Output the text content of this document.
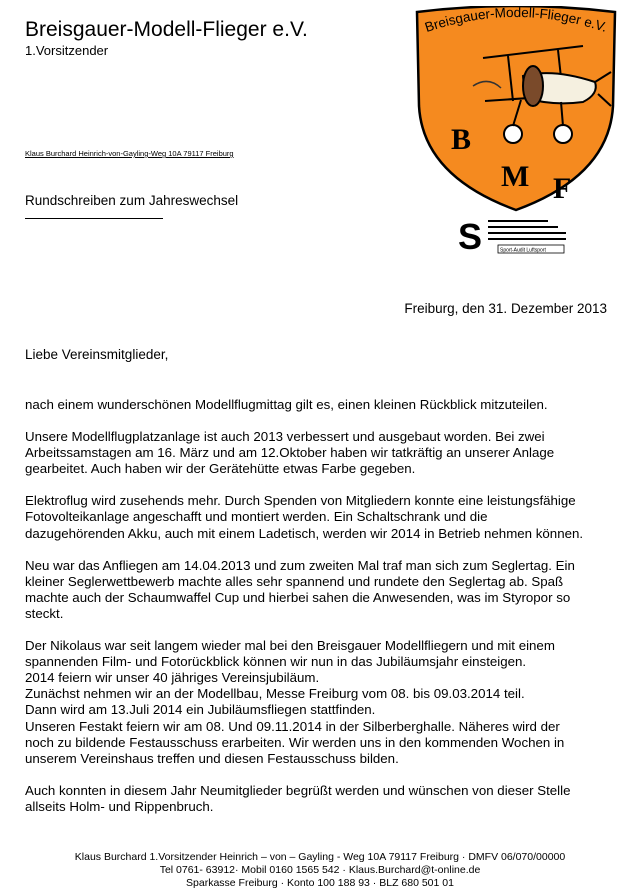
Breisgauer-Modell-Flieger e.V.
1.Vorsitzender
Klaus Burchard Heinrich-von-Gayling-Weg 10A 79117 Freiburg
Rundschreiben zum Jahreswechsel
Breisgauer-Modell-Flieger e.V.
B
M F
S	Sport-Audit Luftsport
Freiburg, den 31. Dezember 2013
Liebe Vereinsmitglieder,

nach einem wunderschönen Modellflugmittag gilt es, einen kleinen Rückblick mitzuteilen.

Unsere Modellflugplatzanlage ist auch 2013 verbessert und ausgebaut worden. Bei zwei
Arbeitssamstagen am 16. März und am 12.Oktober haben wir tatkräftig an unserer Anlage
gearbeitet. Auch haben wir der Gerätehütte etwas Farbe gegeben.

Elektroflug wird zusehends mehr. Durch Spenden von Mitgliedern konnte eine leistungsfähige
Fotovolteikanlage angeschafft und montiert werden. Ein Schaltschrank und die
dazugehörenden Akku, auch mit einem Ladetisch, werden wir 2014 in Betrieb nehmen können.

Neu war das Anfliegen am 14.04.2013 und zum zweiten Mal traf man sich zum Seglertag. Ein
kleiner Seglerwettbewerb machte alles sehr spannend und rundete den Seglertag ab. Spaß
machte auch der Schaumwaffel Cup und hierbei sahen die Anwesenden, was im Styropor so
steckt.

Der Nikolaus war seit langem wieder mal bei den Breisgauer Modellfliegern und mit einem
spannenden Film- und Fotorückblick können wir nun in das Jubiläumsjahr einsteigen.
2014 feiern wir unser 40 jähriges Vereinsjubiläum.
Zunächst nehmen wir an der Modellbau, Messe Freiburg vom 08. bis 09.03.2014 teil.
Dann wird am 13.Juli 2014 ein Jubiläumsfliegen stattfinden.
Unseren Festakt feiern wir am 08. Und 09.11.2014 in der Silberberghalle. Näheres wird der
noch zu bildende Festausschuss erarbeiten. Wir werden uns in den kommenden Wochen in
unserem Vereinshaus treffen und diesen Festausschuss bilden.

Auch konnten in diesem Jahr Neumitglieder begrüßt werden und wünschen von dieser Stelle
allseits Holm- und Rippenbruch.

Klaus Burchard 1.Vorsitzender Heinrich – von – Gayling - Weg 10A 79117 Freiburg · DMFV 06/070/00000
Tel 0761- 63912· Mobil 0160 1565 542 · Klaus.Burchard@t-online.de
Sparkasse Freiburg · Konto 100 188 93 · BLZ 680 501 01
